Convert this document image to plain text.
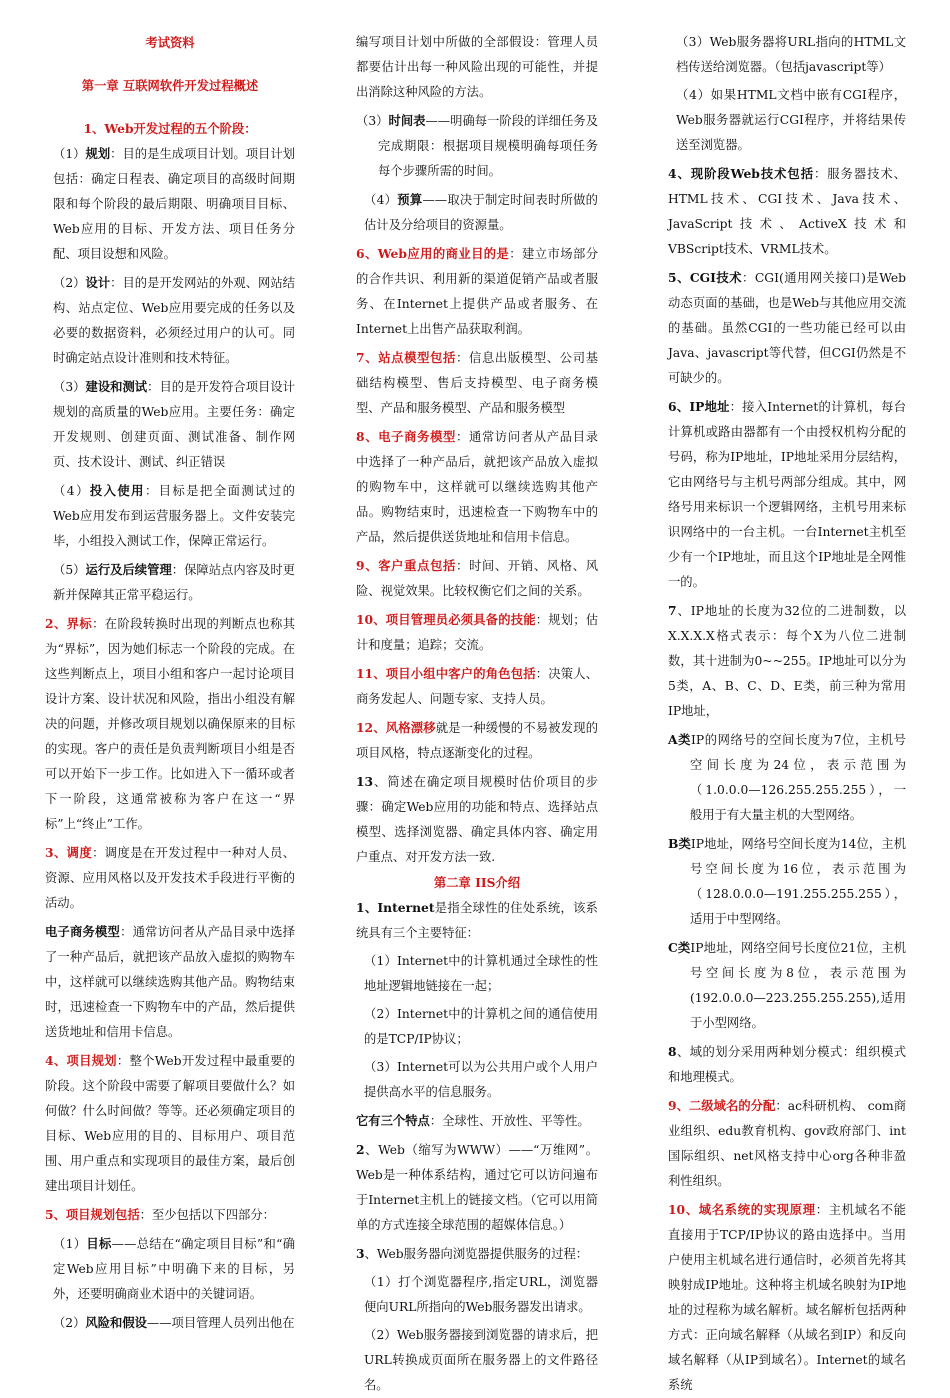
考试资料
第一章 互联网软件开发过程概述
1、Web开发过程的五个阶段：
（1）规划：目的是生成项目计划。项目计划包括：确定日程表、确定项目的高级时间期限和每个阶段的最后期限、明确项目目标、Web应用的目标、开发方法、项目任务分配、项目设想和风险。
（2）设计：目的是开发网站的外观、网站结构、站点定位、Web应用要完成的任务以及必要的数据资料，必须经过用户的认可。同时确定站点设计准则和技术特征。
（3）建设和测试：目的是开发符合项目设计规划的高质量的Web应用。主要任务：确定开发规则、创建页面、测试准备、制作网页、技术设计、测试、纠正错误
（4）投入使用：目标是把全面测试过的Web应用发布到运营服务器上。文件安装完毕，小组投入测试工作，保障正常运行。
（5）运行及后续管理：保障站点内容及时更新并保障其正常平稳运行。
2、界标：在阶段转换时出现的判断点也称其为“界标”，因为她们标志一个阶段的完成。在这些判断点上，项目小组和客户一起讨论项目设计方案、设计状况和风险，指出小组没有解决的问题，并修改项目规划以确保原来的目标的实现。客户的责任是负责判断项目小组是否可以开始下一步工作。比如进入下一循环或者下一阶段，这通常被称为客户在这一“界标”上“终止”工作。
3、调度：调度是在开发过程中一种对人员、资源、应用风格以及开发技术手段进行平衡的活动。
电子商务模型：通常访问者从产品目录中选择了一种产品后，就把该产品放入虚拟的购物车中，这样就可以继续选购其他产品。购物结束时，迅速检查一下购物车中的产品，然后提供送货地址和信用卡信息。
4、项目规划：整个Web开发过程中最重要的阶段。这个阶段中需要了解项目要做什么？如何做？什么时间做？等等。还必须确定项目的目标、Web应用的目的、目标用户、项目范围、用户重点和实现项目的最佳方案，最后创建出项目计划任。
5、项目规划包括：至少包括以下四部分：
（1）目标——总结在“确定项目目标”和“确定Web应用目标”中明确下来的目标，另外，还要明确商业术语中的关键词语。
（2）风险和假设——项目管理人员列出他在
编写项目计划中所做的全部假设：管理人员都要估计出每一种风险出现的可能性，并提出消除这种风险的方法。
（3）时间表——明确每一阶段的详细任务及完成期限：根据项目规模明确每项任务每个步骤所需的时间。
（4）预算——取决于制定时间表时所做的估计及分给项目的资源量。
6、Web应用的商业目的是：建立市场部分的合作共识、利用新的渠道促销产品或者服务、在Internet上提供产品或者服务、在Internet上出售产品获取利润。
7、站点模型包括：信息出版模型、公司基础结构模型、售后支持模型、电子商务模型、产品和服务模型、产品和服务模型
8、电子商务模型：通常访问者从产品目录中选择了一种产品后，就把该产品放入虚拟的购物车中，这样就可以继续选购其他产品。购物结束时，迅速检查一下购物车中的产品，然后提供送货地址和信用卡信息。
9、客户重点包括：时间、开销、风格、风险、视觉效果。比较权衡它们之间的关系。
10、项目管理员必须具备的技能：规划；估计和度量；追踪；交流。
11、项目小组中客户的角色包括：决策人、商务发起人、问题专家、支持人员。
12、风格漂移就是一种缓慢的不易被发现的项目风格，特点逐渐变化的过程。
13、简述在确定项目规模时估价项目的步骤：确定Web应用的功能和特点、选择站点模型、选择浏览器、确定具体内容、确定用户重点、对开发方法一致.
第二章 IIS介绍
1、Internet是指全球性的住处系统，该系统具有三个主要特征：
（1）Internet中的计算机通过全球性的性地址逻辑地链接在一起；
（2）Internet中的计算机之间的通信使用的是TCP/IP协议；
（3）Internet可以为公共用户或个人用户提供高水平的信息服务。
它有三个特点：全球性、开放性、平等性。
2、Web（缩写为WWW）——“万维网”。Web是一种体系结构，通过它可以访问遍布于Internet主机上的链接文档。（它可以用简单的方式连接全球范围的超媒体信息。）
3、Web服务器向浏览器提供服务的过程：
（1）打个浏览器程序,指定URL，浏览器便向URL所指向的Web服务器发出请求。
（2）Web服务器接到浏览器的请求后，把URL转换成页面所在服务器上的文件路径名。
（3）Web服务器将URL指向的HTML文档传送给浏览器。（包括javascript等）
（4）如果HTML文档中嵌有CGI程序，Web服务器就运行CGI程序，并将结果传送至浏览器。
4、现阶段Web技术包括：服务器技术、HTML技术、CGI技术、Java技术、JavaScript技术、ActiveX技术和VBScript技术、VRML技术。
5、CGI技术：CGI(通用网关接口)是Web动态页面的基础，也是Web与其他应用交流的基础。虽然CGI的一些功能已经可以由Java、javascript等代替，但CGI仍然是不可缺少的。
6、IP地址：接入Internet的计算机，每台计算机或路由器都有一个由授权机构分配的号码，称为IP地址，IP地址采用分层结构，它由网络号与主机号两部分组成。其中，网络号用来标识一个逻辑网络，主机号用来标识网络中的一台主机。一台Internet主机至少有一个IP地址，而且这个IP地址是全网惟一的。
7、IP地址的长度为32位的二进制数，以X.X.X.X格式表示：每个X为八位二进制数，其十进制为0~~255。IP地址可以分为5类，A、B、C、D、E类，前三种为常用IP地址，
A类IP的网络号的空间长度为7位，主机号空间长度为24位，表示范围为（1.0.0.0—126.255.255.255），一般用于有大量主机的大型网络。
B类IP地址，网络号空间长度为14位，主机号空间长度为16位，表示范围为（128.0.0.0—191.255.255.255），适用于中型网络。
C类IP地址，网络空间号长度位21位，主机号空间长度为8位，表示范围为(192.0.0.0—223.255.255.255),适用于小型网络。
8、域的划分采用两种划分模式：组织模式和地理模式。
9、二级域名的分配：ac科研机构、 com商业组织、edu教育机构、gov政府部门、int国际组织、net风格支持中心org各种非盈利性组织。
10、域名系统的实现原理：主机域名不能直接用于TCP/IP协议的路由选择中。当用户使用主机域名进行通信时，必须首先将其映射成IP地址。这种将主机域名映射为IP地址的过程称为域名解析。域名解析包括两种方式：正向域名解释（从域名到IP）和反向域名解释（从IP到域名）。Internet的域名系统
